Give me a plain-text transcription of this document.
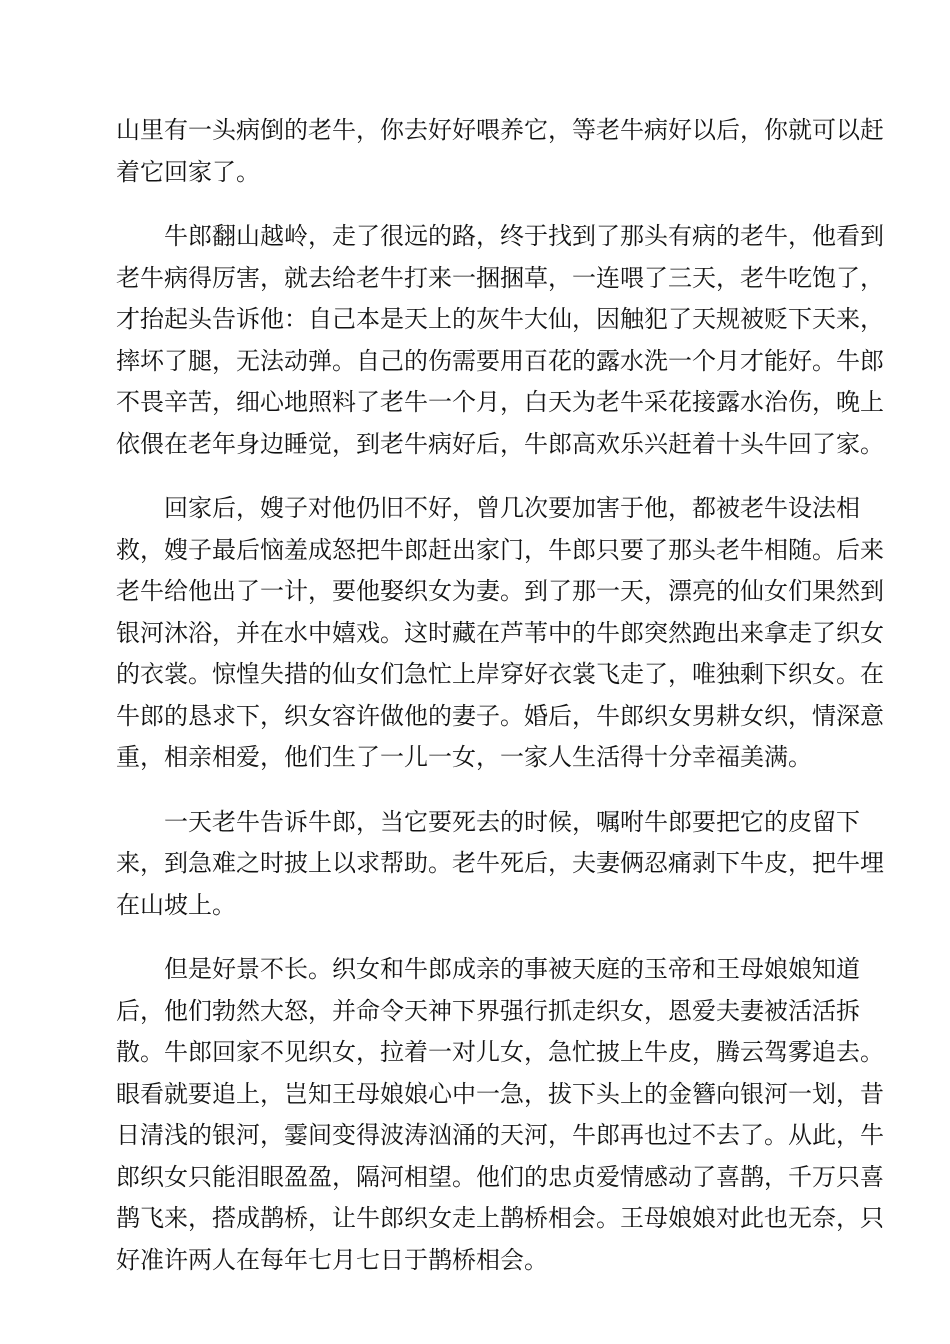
山里有一头病倒的老牛，你去好好喂养它，等老牛病好以后，你就可以赶
着它回家了。

牛郎翻山越岭，走了很远的路，终于找到了那头有病的老牛，他看到
老牛病得厉害，就去给老牛打来一捆捆草，一连喂了三天，老牛吃饱了，
才抬起头告诉他：自己本是天上的灰牛大仙，因触犯了天规被贬下天来，
摔坏了腿，无法动弹。自己的伤需要用百花的露水洗一个月才能好。牛郎
不畏辛苦，细心地照料了老牛一个月，白天为老牛采花接露水治伤，晚上
依偎在老年身边睡觉，到老牛病好后，牛郎高欢乐兴赶着十头牛回了家。

回家后，嫂子对他仍旧不好，曾几次要加害于他，都被老牛设法相
救，嫂子最后恼羞成怒把牛郎赶出家门，牛郎只要了那头老牛相随。后来
老牛给他出了一计，要他娶织女为妻。到了那一天，漂亮的仙女们果然到
银河沐浴，并在水中嬉戏。这时藏在芦苇中的牛郎突然跑出来拿走了织女
的衣裳。惊惶失措的仙女们急忙上岸穿好衣裳飞走了，唯独剩下织女。在
牛郎的恳求下，织女容许做他的妻子。婚后，牛郎织女男耕女织，情深意
重，相亲相爱，他们生了一儿一女，一家人生活得十分幸福美满。

一天老牛告诉牛郎，当它要死去的时候，嘱咐牛郎要把它的皮留下
来，到急难之时披上以求帮助。老牛死后，夫妻俩忍痛剥下牛皮，把牛埋
在山坡上。

但是好景不长。织女和牛郎成亲的事被天庭的玉帝和王母娘娘知道
后，他们勃然大怒，并命令天神下界强行抓走织女，恩爱夫妻被活活拆
散。牛郎回家不见织女，拉着一对儿女，急忙披上牛皮，腾云驾雾追去。
眼看就要追上，岂知王母娘娘心中一急，拔下头上的金簪向银河一划，昔
日清浅的银河，霎间变得波涛汹涌的天河，牛郎再也过不去了。从此，牛
郎织女只能泪眼盈盈，隔河相望。他们的忠贞爱情感动了喜鹊，千万只喜
鹊飞来，搭成鹊桥，让牛郎织女走上鹊桥相会。王母娘娘对此也无奈，只
好准许两人在每年七月七日于鹊桥相会。
